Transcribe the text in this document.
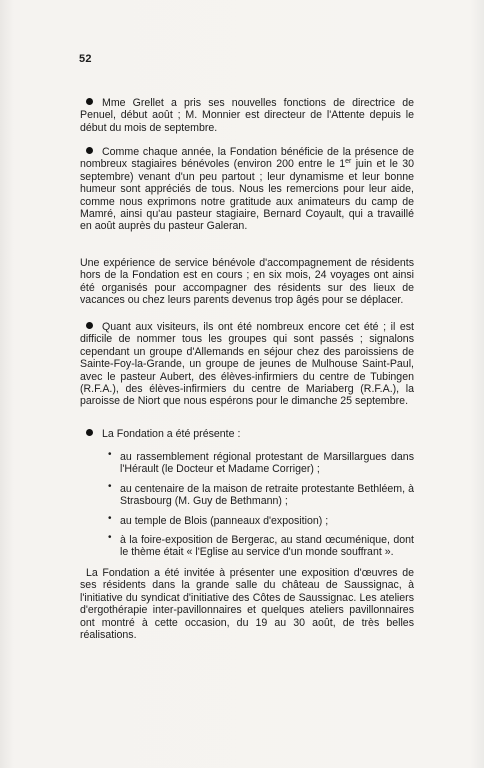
52

Mme Grellet a pris ses nouvelles fonctions de directrice de Penuel, début août ; M. Monnier est directeur de l'Attente depuis le début du mois de septembre.

Comme chaque année, la Fondation bénéficie de la présence de nombreux stagiaires bénévoles (environ 200 entre le 1er juin et le 30 septembre) venant d'un peu partout ; leur dynamisme et leur bonne humeur sont appréciés de tous. Nous les remercions pour leur aide, comme nous exprimons notre gratitude aux animateurs du camp de Mamré, ainsi qu'au pasteur stagiaire, Bernard Coyault, qui a travaillé en août auprès du pasteur Galeran.

Une expérience de service bénévole d'accompagnement de résidents hors de la Fondation est en cours ; en six mois, 24 voyages ont ainsi été organisés pour accompagner des résidents sur des lieux de vacances ou chez leurs parents devenus trop âgés pour se déplacer.

Quant aux visiteurs, ils ont été nombreux encore cet été ; il est difficile de nommer tous les groupes qui sont passés ; signalons cependant un groupe d'Allemands en séjour chez des paroissiens de Sainte-Foy-la-Grande, un groupe de jeunes de Mulhouse Saint-Paul, avec le pasteur Aubert, des élèves-infirmiers du centre de Tubingen (R.F.A.), des élèves-infirmiers du centre de Mariaberg (R.F.A.), la paroisse de Niort que nous espérons pour le dimanche 25 septembre.

La Fondation a été présente :

• au rassemblement régional protestant de Marsillargues dans l'Hérault (le Docteur et Madame Corriger) ;
• au centenaire de la maison de retraite protestante Bethléem, à Strasbourg (M. Guy de Bethmann) ;
• au temple de Blois (panneaux d'exposition) ;
• à la foire-exposition de Bergerac, au stand œcuménique, dont le thème était « l'Eglise au service d'un monde souffrant ».

La Fondation a été invitée à présenter une exposition d'œuvres de ses résidents dans la grande salle du château de Saussignac, à l'initiative du syndicat d'initiative des Côtes de Saussignac. Les ateliers d'ergothérapie inter-pavillonnaires et quelques ateliers pavillonnaires ont montré à cette occasion, du 19 au 30 août, de très belles réalisations.
